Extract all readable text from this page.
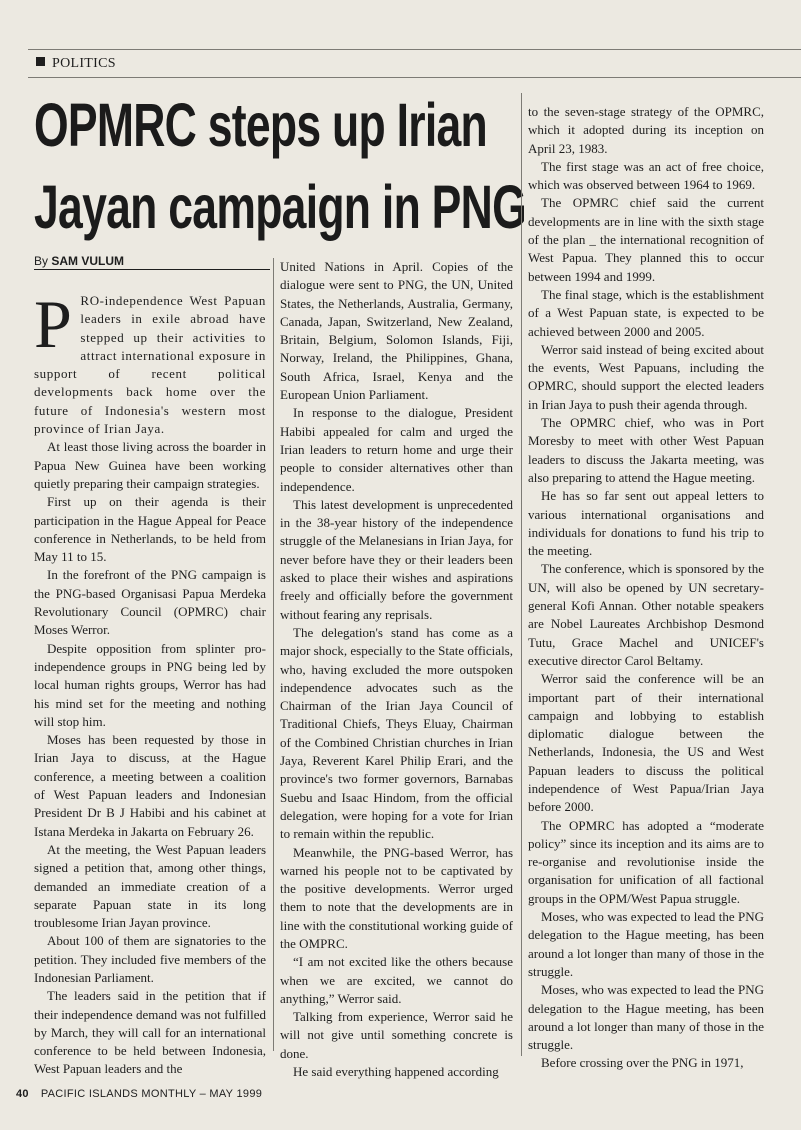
POLITICS
OPMRC steps up Irian
Jayan campaign in PNG
By SAM VULUM

PRO-independence West Papuan leaders in exile abroad have stepped up their activities to attract international exposure in support of recent political developments back home over the future of Indonesia's western most province of Irian Jaya.

At least those living across the boarder in Papua New Guinea have been working quietly preparing their campaign strategies.

First up on their agenda is their participation in the Hague Appeal for Peace conference in Netherlands, to be held from May 11 to 15.

In the forefront of the PNG campaign is the PNG-based Organisasi Papua Merdeka Revolutionary Council (OPMRC) chair Moses Werror.

Despite opposition from splinter pro-independence groups in PNG being led by local human rights groups, Werror has had his mind set for the meeting and nothing will stop him.

Moses has been requested by those in Irian Jaya to discuss, at the Hague conference, a meeting between a coalition of West Papuan leaders and Indonesian President Dr B J Habibi and his cabinet at Istana Merdeka in Jakarta on February 26.

At the meeting, the West Papuan leaders signed a petition that, among other things, demanded an immediate creation of a separate Papuan state in its long troublesome Irian Jayan province.

About 100 of them are signatories to the petition. They included five members of the Indonesian Parliament.

The leaders said in the petition that if their independence demand was not fulfilled by March, they will call for an international conference to be held between Indonesia, West Papuan leaders and the

United Nations in April. Copies of the dialogue were sent to PNG, the UN, United States, the Netherlands, Australia, Germany, Canada, Japan, Switzerland, New Zealand, Britain, Belgium, Solomon Islands, Fiji, Norway, Ireland, the Philippines, Ghana, South Africa, Israel, Kenya and the European Union Parliament.

In response to the dialogue, President Habibi appealed for calm and urged the Irian leaders to return home and urge their people to consider alternatives other than independence.

This latest development is unprecedented in the 38-year history of the independence struggle of the Melanesians in Irian Jaya, for never before have they or their leaders been asked to place their wishes and aspirations freely and officially before the government without fearing any reprisals.

The delegation's stand has come as a major shock, especially to the State officials, who, having excluded the more outspoken independence advocates such as the Chairman of the Irian Jaya Council of Traditional Chiefs, Theys Eluay, Chairman of the Combined Christian churches in Irian Jaya, Reverent Karel Philip Erari, and the province's two former governors, Barnabas Suebu and Isaac Hindom, from the official delegation, were hoping for a vote for Irian to remain within the republic.

Meanwhile, the PNG-based Werror, has warned his people not to be captivated by the positive developments. Werror urged them to note that the developments are in line with the constitutional working guide of the OMPRC.

“I am not excited like the others because when we are excited, we cannot do anything,” Werror said.

Talking from experience, Werror said he will not give until something concrete is done.

He said everything happened according

to the seven-stage strategy of the OPMRC, which it adopted during its inception on April 23, 1983.

The first stage was an act of free choice, which was observed between 1964 to 1969.

The OPMRC chief said the current developments are in line with the sixth stage of the plan _ the international recognition of West Papua. They planned this to occur between 1994 and 1999.

The final stage, which is the establishment of a West Papuan state, is expected to be achieved between 2000 and 2005.

Werror said instead of being excited about the events, West Papuans, including the OPMRC, should support the elected leaders in Irian Jaya to push their agenda through.

The OPMRC chief, who was in Port Moresby to meet with other West Papuan leaders to discuss the Jakarta meeting, was also preparing to attend the Hague meeting.

He has so far sent out appeal letters to various international organisations and individuals for donations to fund his trip to the meeting.

The conference, which is sponsored by the UN, will also be opened by UN secretary-general Kofi Annan. Other notable speakers are Nobel Laureates Archbishop Desmond Tutu, Grace Machel and UNICEF's executive director Carol Beltamy.

Werror said the conference will be an important part of their international campaign and lobbying to establish diplomatic dialogue between the Netherlands, Indonesia, the US and West Papuan leaders to discuss the political independence of West Papua/Irian Jaya before 2000.

The OPMRC has adopted a “moderate policy” since its inception and its aims are to re-organise and revolutionise inside the organisation for unification of all factional groups in the OPM/West Papua struggle.

Moses, who was expected to lead the PNG delegation to the Hague meeting, has been around a lot longer than many of those in the struggle.

Moses, who was expected to lead the PNG delegation to the Hague meeting, has been around a lot longer than many of those in the struggle.

Before crossing over the PNG in 1971,

40 PACIFIC ISLANDS MONTHLY – MAY 1999
